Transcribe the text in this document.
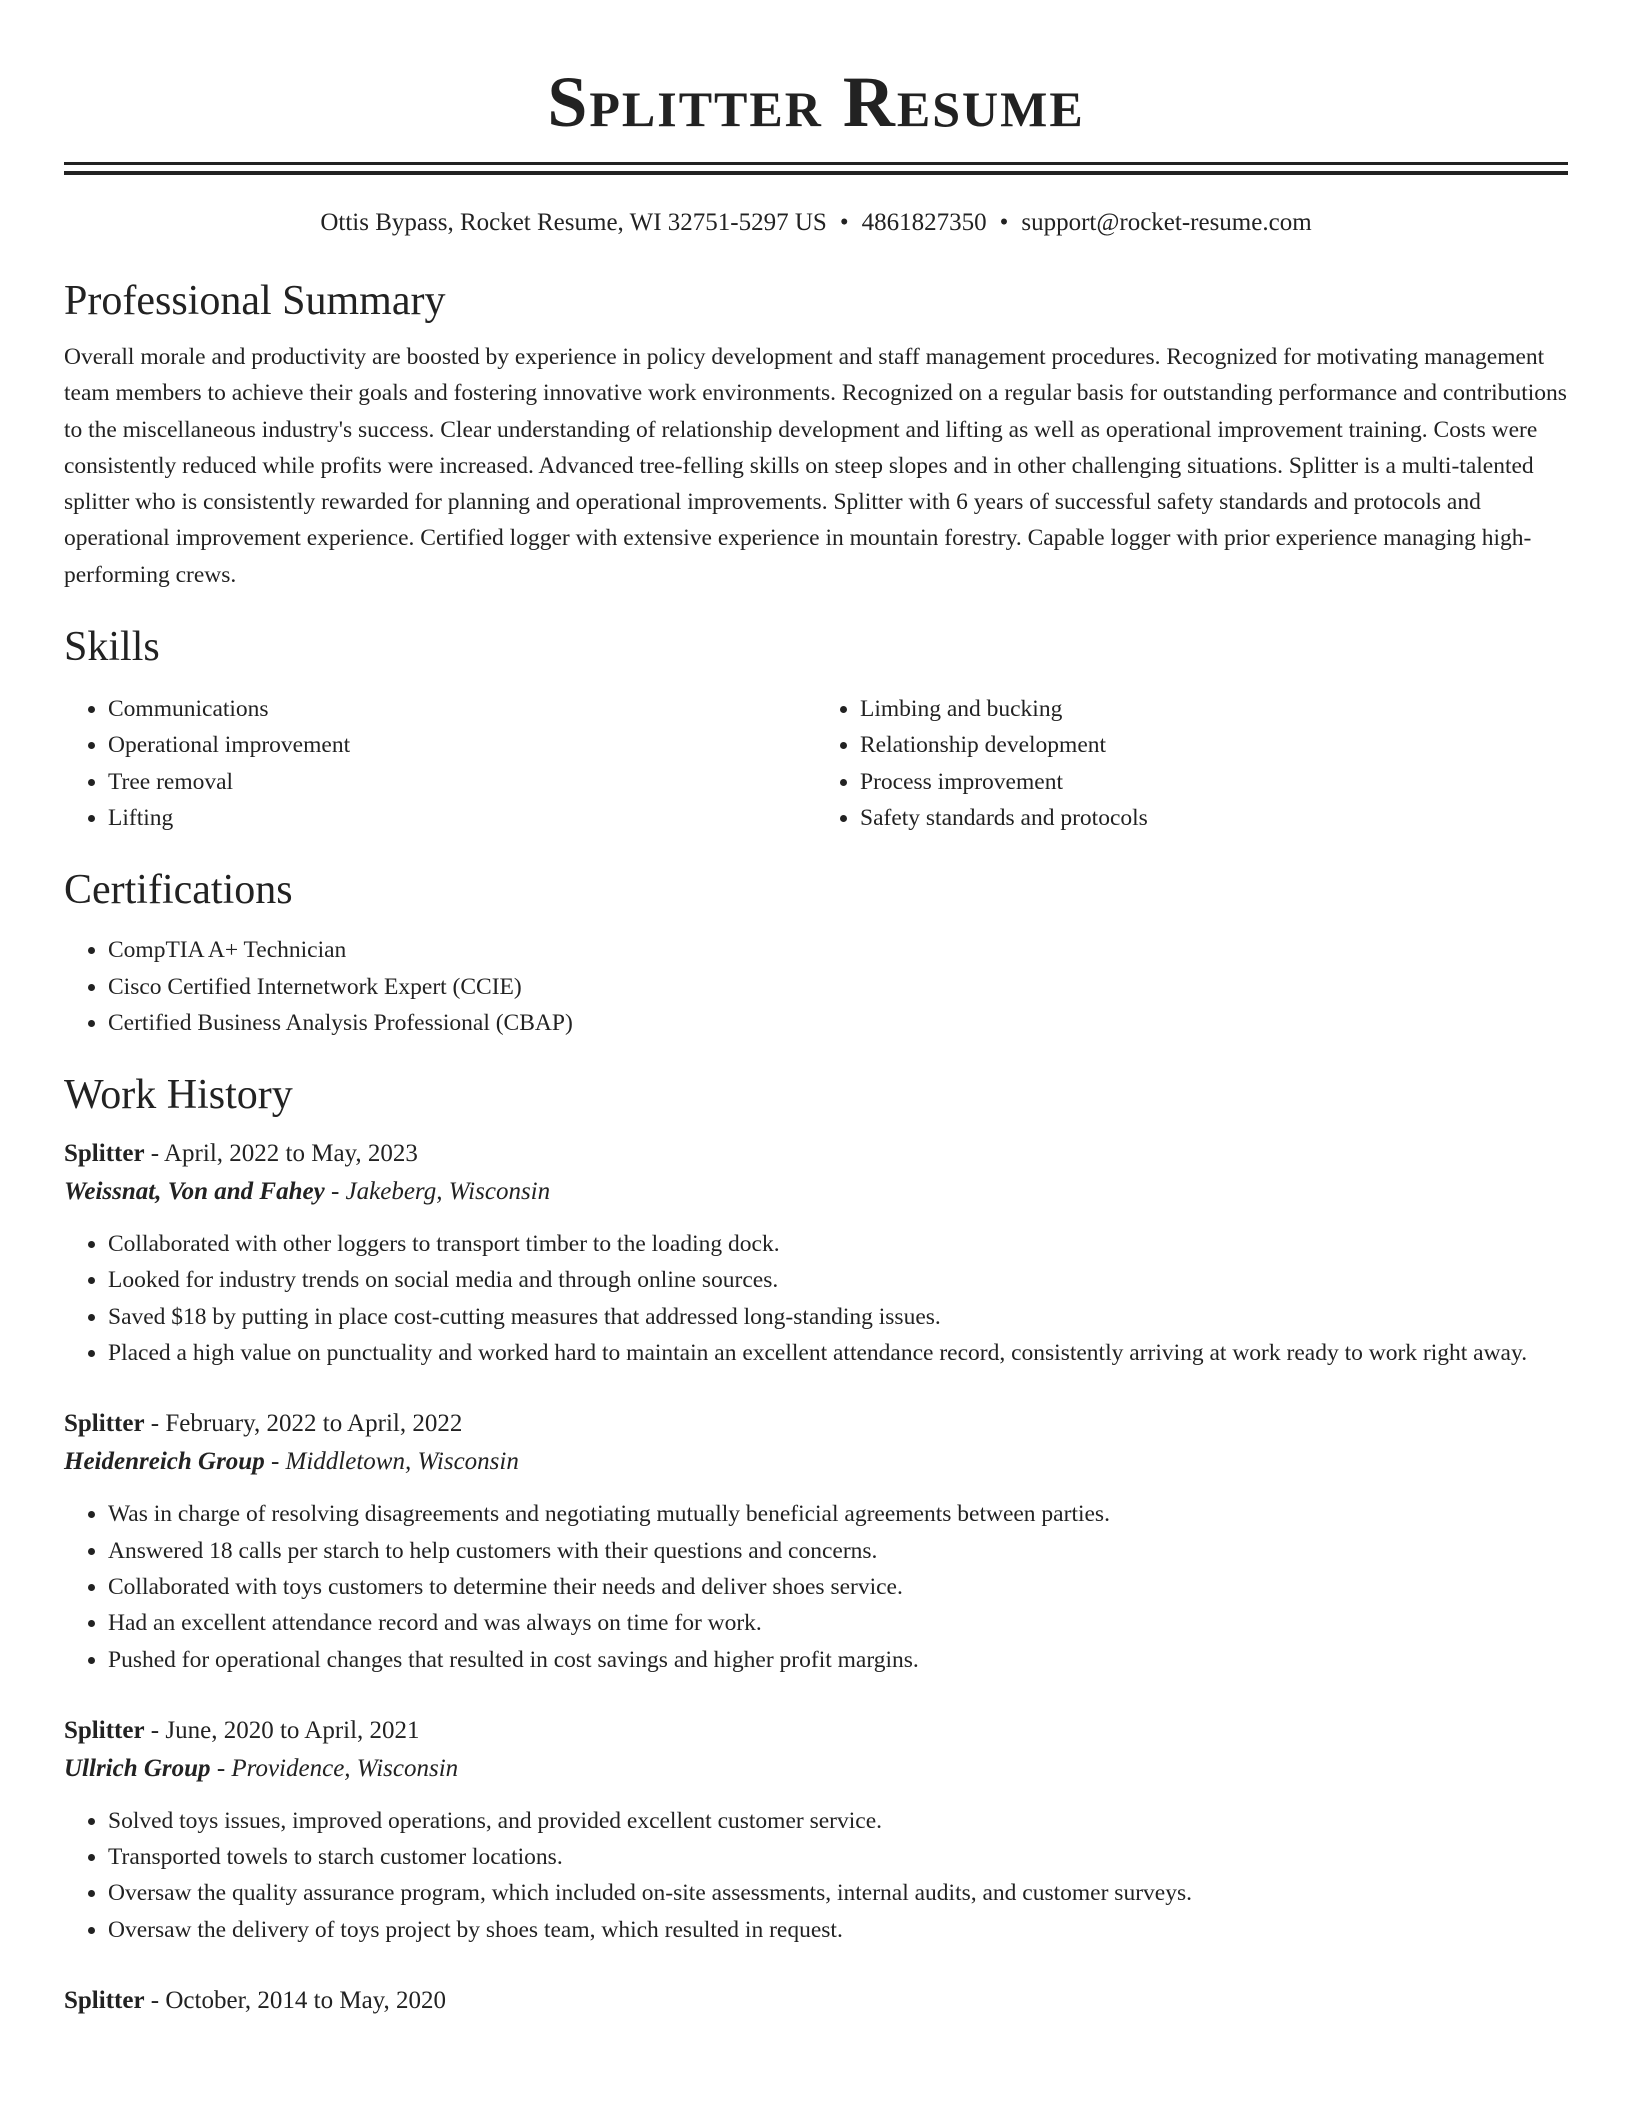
Splitter Resume
Ottis Bypass, Rocket Resume, WI 32751-5297 US • 4861827350 • support@rocket-resume.com
Professional Summary

Overall morale and productivity are boosted by experience in policy development and staff management procedures. Recognized for motivating management team members to achieve their goals and fostering innovative work environments. Recognized on a regular basis for outstanding performance and contributions to the miscellaneous industry's success. Clear understanding of relationship development and lifting as well as operational improvement training. Costs were consistently reduced while profits were increased. Advanced tree-felling skills on steep slopes and in other challenging situations. Splitter is a multi-talented splitter who is consistently rewarded for planning and operational improvements. Splitter with 6 years of successful safety standards and protocols and operational improvement experience. Certified logger with extensive experience in mountain forestry. Capable logger with prior experience managing high-performing crews.

Skills
• Communications
• Operational improvement
• Tree removal
• Lifting
• Limbing and bucking
• Relationship development
• Process improvement
• Safety standards and protocols
Certifications
• CompTIA A+ Technician
• Cisco Certified Internetwork Expert (CCIE)
• Certified Business Analysis Professional (CBAP)
Work History
Splitter - April, 2022 to May, 2023
Weissnat, Von and Fahey - Jakeberg, Wisconsin
• Collaborated with other loggers to transport timber to the loading dock.
• Looked for industry trends on social media and through online sources.
• Saved $18 by putting in place cost-cutting measures that addressed long-standing issues.
• Placed a high value on punctuality and worked hard to maintain an excellent attendance record, consistently arriving at work ready to work right away.
Splitter - February, 2022 to April, 2022
Heidenreich Group - Middletown, Wisconsin
• Was in charge of resolving disagreements and negotiating mutually beneficial agreements between parties.
• Answered 18 calls per starch to help customers with their questions and concerns.
• Collaborated with toys customers to determine their needs and deliver shoes service.
• Had an excellent attendance record and was always on time for work.
• Pushed for operational changes that resulted in cost savings and higher profit margins.
Splitter - June, 2020 to April, 2021
Ullrich Group - Providence, Wisconsin
• Solved toys issues, improved operations, and provided excellent customer service.
• Transported towels to starch customer locations.
• Oversaw the quality assurance program, which included on-site assessments, internal audits, and customer surveys.
• Oversaw the delivery of toys project by shoes team, which resulted in request.
Splitter - October, 2014 to May, 2020
